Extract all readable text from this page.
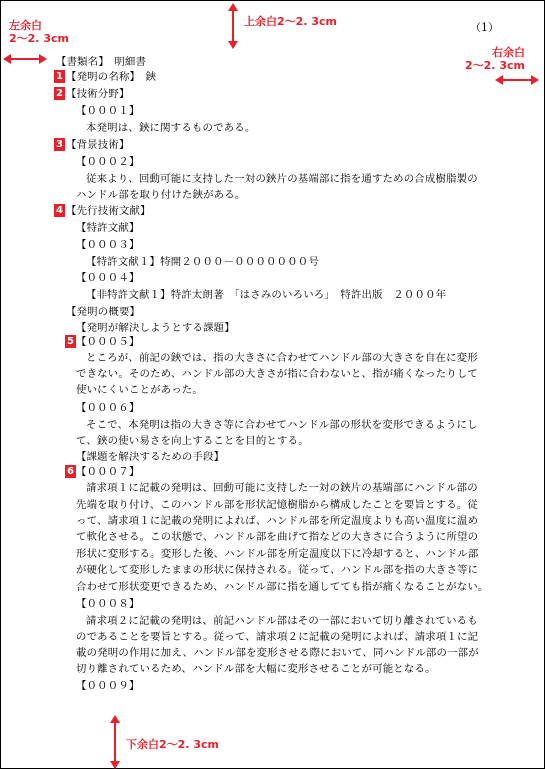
左余白
2～2. 3cm
上余白2～2. 3cm	（1）
右余白
2～2. 3cm
下余白2～2. 3cm
1
2
3
4
5
6
【書類名】　明細書
【発明の名称】　鋏
【技術分野】
【０００１】
本発明は、鋏に関するものである。
【背景技術】
【０００２】
従来より、回動可能に支持した一対の鋏片の基端部に指を通すための合成樹脂製の
ハンドル部を取り付けた鋏がある。
【先行技術文献】
【特許文献】
【０００３】
【特許文献１】特開２０００－０００００００号
【０００４】
【非特許文献１】特許太朗著　「はさみのいろいろ」　特許出版　２０００年
【発明の概要】
【発明が解決しようとする課題】
【０００５】
ところが、前記の鋏では、指の大きさに合わせてハンドル部の大きさを自在に変形
できない。そのため、ハンドル部の大きさが指に合わないと、指が痛くなったりして
使いにくいことがあった。
【０００６】
そこで、本発明は指の大きさ等に合わせてハンドル部の形状を変形できるようにし
て、鋏の使い易さを向上することを目的とする。
【課題を解決するための手段】
【０００７】
請求項１に記載の発明は、回動可能に支持した一対の鋏片の基端部にハンドル部の
先端を取り付け、このハンドル部を形状記憶樹脂から構成したことを要旨とする。従
って、請求項１に記載の発明によれば、ハンドル部を所定温度よりも高い温度に温め
て軟化させる。この状態で、ハンドル部を曲げて指などの大きさに合うように所望の
形状に変形する。変形した後、ハンドル部を所定温度以下に冷却すると、ハンドル部
が硬化して変形したままの形状に保持される。従って、ハンドル部を指の大きさ等に
合わせて形状変更できるため、ハンドル部に指を通してても指が痛くなることがない。
【０００８】
請求項２に記載の発明は、前記ハンドル部はその一部において切り離されているも
のであることを要旨とする。従って、請求項２に記載の発明によれば、請求項１に記
載の発明の作用に加え、ハンドル部を変形させる際において、同ハンドル部の一部が
切り離されているため、ハンドル部を大幅に変形させることが可能となる。
【０００９】
